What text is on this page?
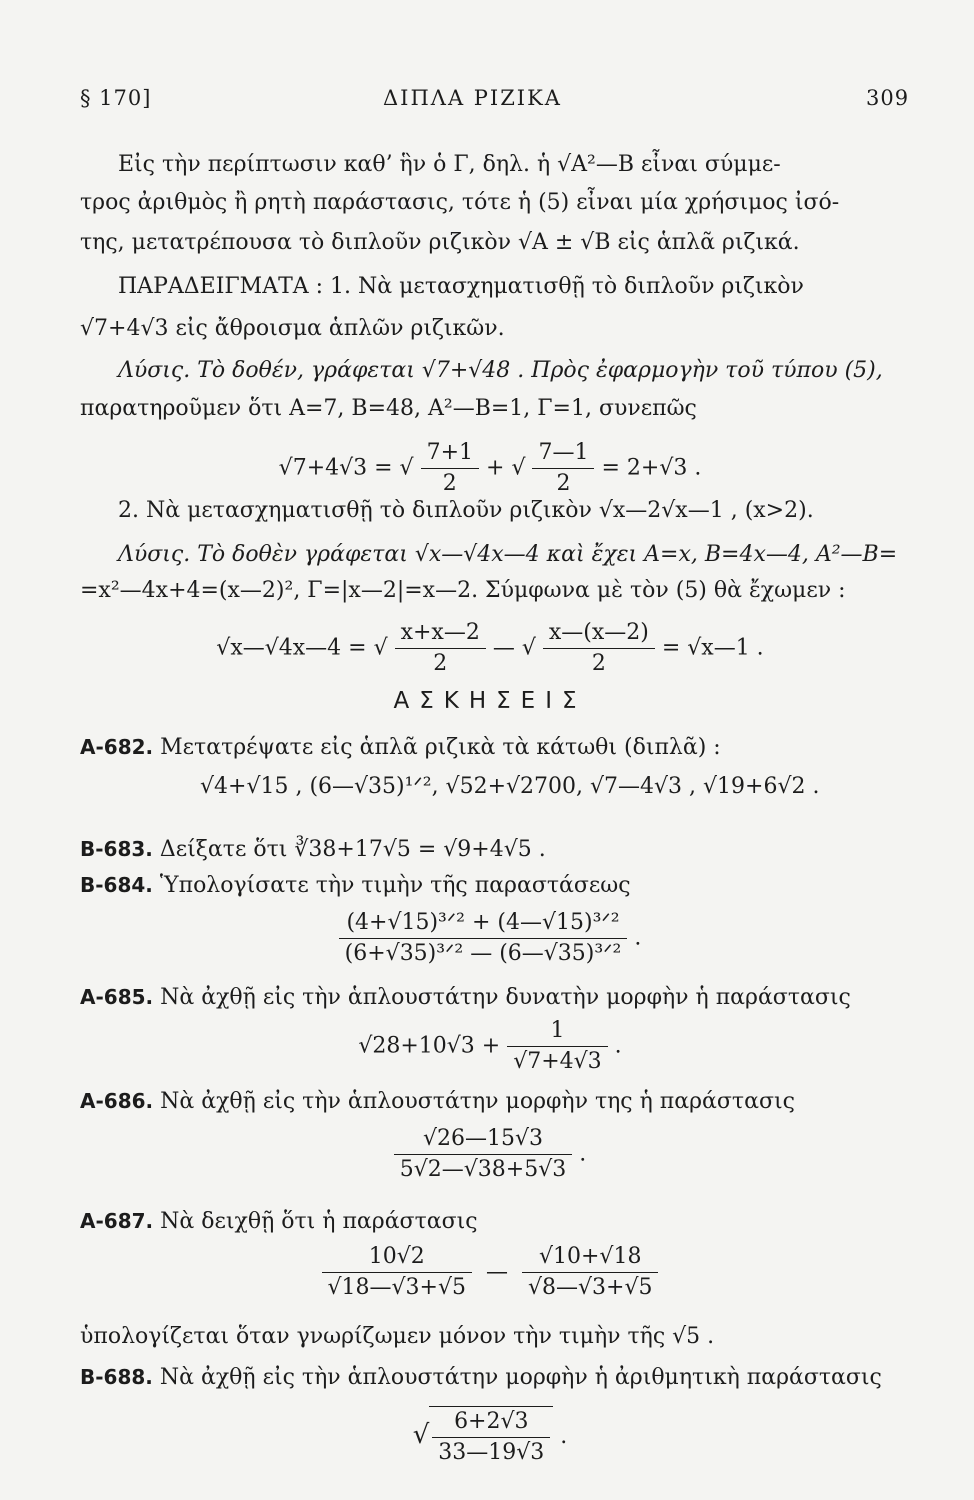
§ 170]	ΔΙΠΛΑ ΡΙΖΙΚΑ	309
Εἰς τὴν περίπτωσιν καθ’ ἣν ὁ Γ, δηλ. ἡ √A²—B εἶναι σύμμε-
τρος ἀριθμὸς ἢ ρητὴ παράστασις, τότε ἡ (5) εἶναι μία χρήσιμος ἰσό-
της, μετατρέπουσα τὸ διπλοῦν ριζικὸν √A ± √B εἰς ἁπλᾶ ριζικά.
ΠΑΡΑΔΕΙΓΜΑΤΑ : 1. Νὰ μετασχηματισθῇ τὸ διπλοῦν ριζικὸν
√7+4√3 εἰς ἄθροισμα ἁπλῶν ριζικῶν.
Λύσις. Τὸ δοθέν, γράφεται √7+√48 . Πρὸς ἐφαρμογὴν τοῦ τύπου (5),
παρατηροῦμεν ὅτι Α=7, Β=48, Α²—Β=1, Γ=1, συνεπῶς
√7+4√3 = √ $\frac{7+1}{2}$ + √ $\frac{7—1}{2} = 2+√3$ .
2. Νὰ μετασχηματισθῇ τὸ διπλοῦν ριζικὸν √x—2√x—1 , (x>2).
Λύσις. Τὸ δοθὲν γράφεται √x—√4x—4 καὶ ἔχει Α=x, Β=4x—4, Α²—Β=
=x²—4x+4=(x—2)², Γ=|x—2|=x—2. Σύμφωνα μὲ τὸν (5) θὰ ἔχωμεν :
√x—√4x—4 = √ $\frac{x+x—2}{2}$ — √ $\frac{x—(x—2)}{2}$ = √x—1 .
ΑΣΚΗΣΕΙΣ
A-682. Μετατρέψατε εἰς ἁπλᾶ ριζικὰ τὰ κάτωθι (διπλᾶ) :
√4+√15 , (6—√35)¹ᐟ², √52+√2700, √7—4√3 , √19+6√2 .
B-683. Δείξατε ὅτι ∛38+17√5 = √9+4√5 .
B-684. Ὑπολογίσατε τὴν τιμὴν τῆς παραστάσεως
$\frac{\text{(4+√15)³ᐟ² + (4—√15)³ᐟ²}}{\text{(6+√35)³ᐟ² — (6—√35)³ᐟ²}}$ .
A-685. Νὰ ἀχθῇ εἰς τὴν ἁπλουστάτην δυνατὴν μορφὴν ἡ παράστασις
$√28+10√3 + \frac{1}{√7+4√3}$ .
A-686. Νὰ ἀχθῇ εἰς τὴν ἁπλουστάτην μορφὴν της ἡ παράστασις
$\frac{√26—15√3}{5√2—√38+5√3}$ .
A-687. Νὰ δειχθῇ ὅτι ἡ παράστασις
$\frac{10√2}{√18—√3+√5}$ — $\frac{√10+√18}{√8—√3+√5}$
ὑπολογίζεται ὅταν γνωρίζωμεν μόνον τὴν τιμὴν τῆς √5 .
B-688. Νὰ ἀχθῇ εἰς τὴν ἁπλουστάτην μορφὴν ἡ ἀριθμητικὴ παράστασις
√ $\frac{6+2√3}{33—19√3}$ .
